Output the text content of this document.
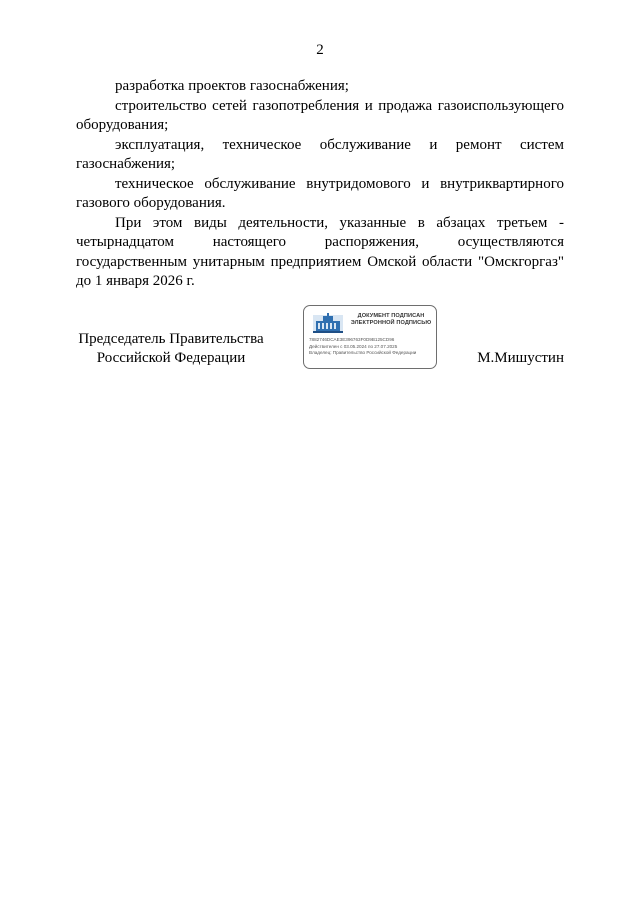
2

разработка проектов газоснабжения;

строительство сетей газопотребления и продажа газоиспользующего оборудования;

эксплуатация, техническое обслуживание и ремонт систем газоснабжения;

техническое обслуживание внутридомового и внутриквартирного газового оборудования.

При этом виды деятельности, указанные в абзацах третьем - четырнадцатом настоящего распоряжения, осуществляются государственным унитарным предприятием Омской области "Омскгоргаз" до 1 января 2026 г.

Председатель Правительства
Российской Федерации
ДОКУМЕНТ ПОДПИСАН
ЭЛЕКТРОННОЙ ПОДПИСЬЮ
7882746DCAE3E396763F0D9B125CD96
Действителен с 03.05.2024 по 27.07.2025
Владелец: Правительство Российской Федерации	М.Мишустин
